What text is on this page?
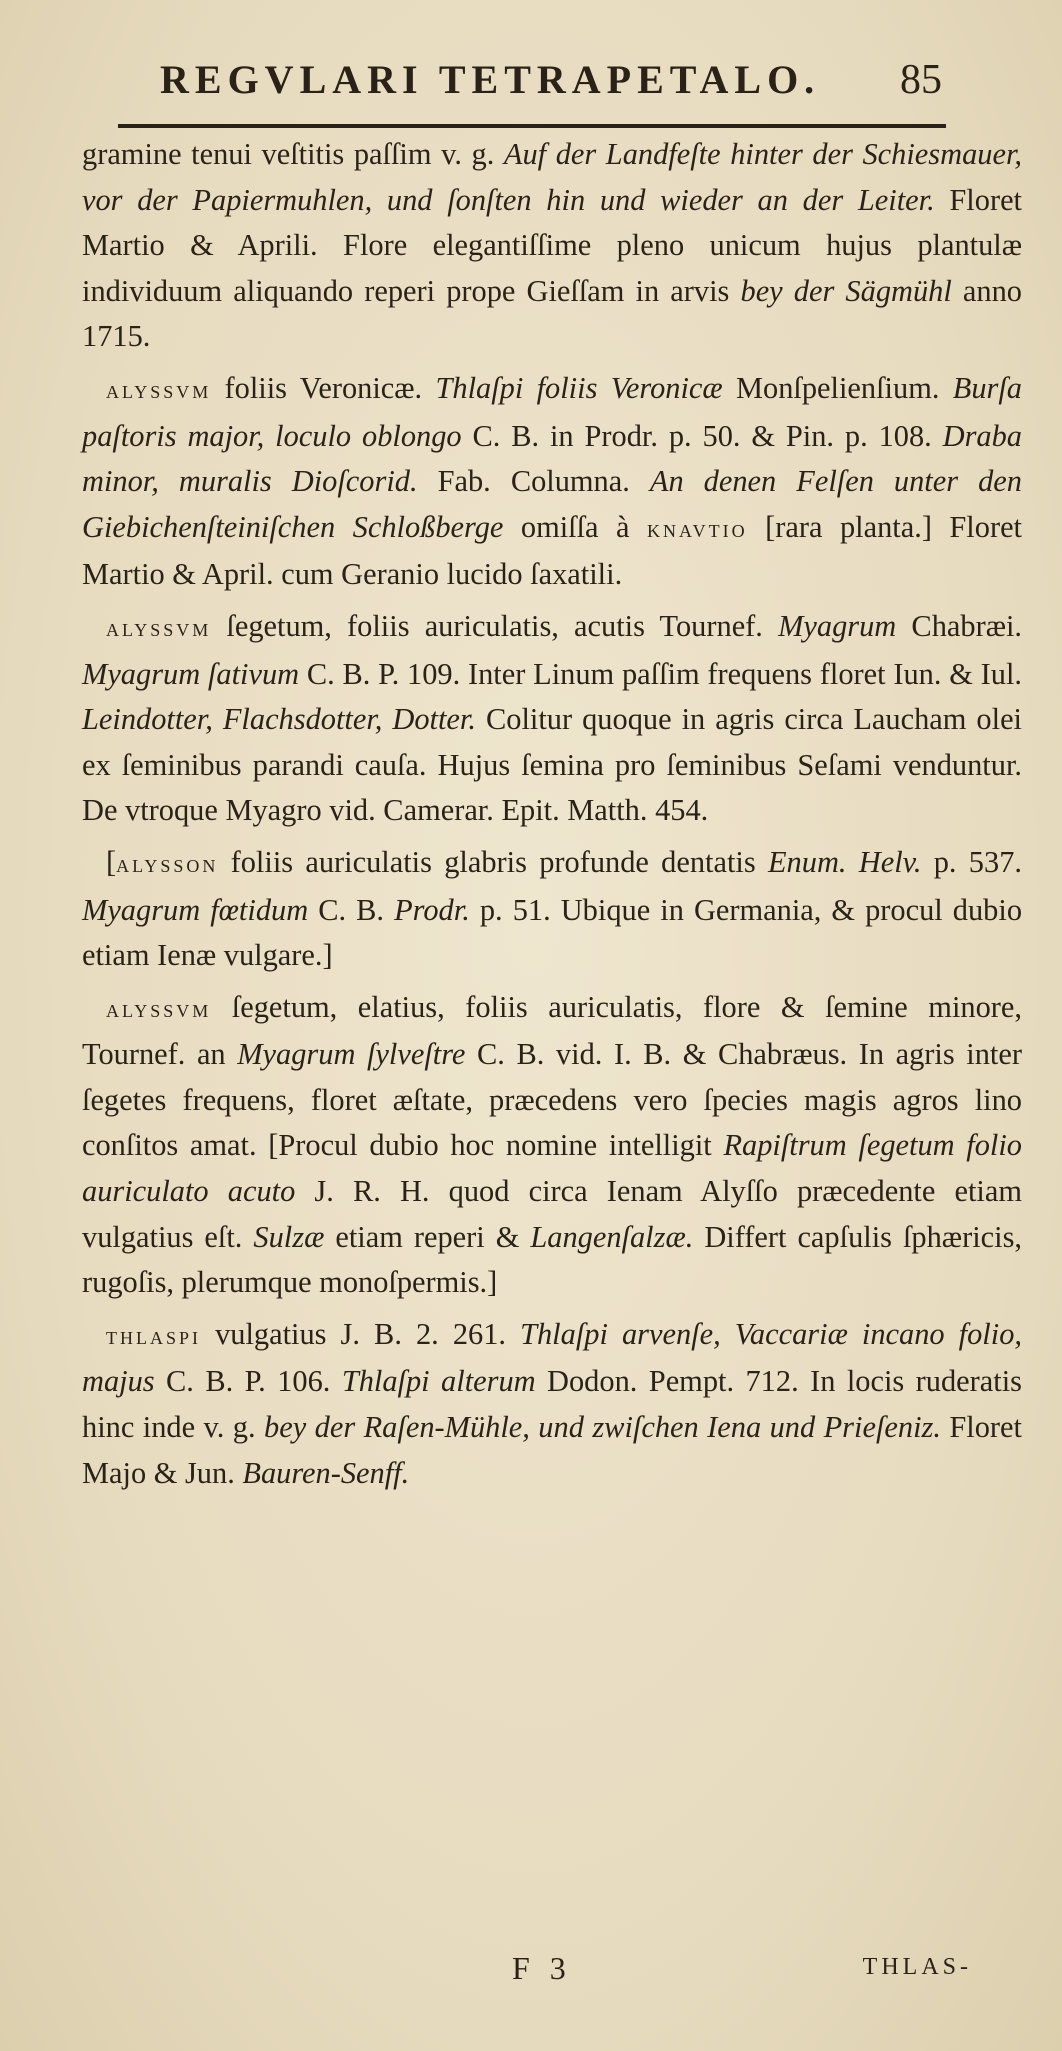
REGVLARI TETRAPETALO. 85

gramine tenui veſtitis paſſim v. g. Auf der Landfeſte hinter der Schiesmauer, vor der Papiermuhlen, und ſonſten hin und wieder an der Leiter. Floret Martio & Aprili. Flore elegantiſſime pleno unicum hujus plantulæ individuum aliquando reperi prope Gieſſam in arvis bey der Sägmühl anno 1715.

alyssvm foliis Veronicæ. Thlaſpi foliis Veronicæ Monſpelienſium. Burſa paſtoris major, loculo oblongo C. B. in Prodr. p. 50. & Pin. p. 108. Draba minor, muralis Dioſcorid. Fab. Columna. An denen Felſen unter den Giebichenſteiniſchen Schloßberge omiſſa à knavtio [rara planta.] Floret Martio & April. cum Geranio lucido ſaxatili.

alyssvm ſegetum, foliis auriculatis, acutis Tournef. Myagrum Chabræi. Myagrum ſativum C. B. P. 109. Inter Linum paſſim frequens floret Iun. & Iul. Leindotter, Flachsdotter, Dotter. Colitur quoque in agris circa Laucham olei ex ſeminibus parandi cauſa. Hujus ſemina pro ſeminibus Seſami venduntur. De vtroque Myagro vid. Camerar. Epit. Matth. 454.

[alysson foliis auriculatis glabris profunde dentatis Enum. Helv. p. 537. Myagrum fœtidum C. B. Prodr. p. 51. Ubique in Germania, & procul dubio etiam Ienæ vulgare.]

alyssvm ſegetum, elatius, foliis auriculatis, flore & ſemine minore, Tournef. an Myagrum ſylveſtre C. B. vid. I. B. & Chabræus. In agris inter ſegetes frequens, floret æſtate, præcedens vero ſpecies magis agros lino conſitos amat. [Procul dubio hoc nomine intelligit Rapiſtrum ſegetum folio auriculato acuto J. R. H. quod circa Ienam Alyſſo præcedente etiam vulgatius eſt. Sulzæ etiam reperi & Langenſalzæ. Differt capſulis ſphæricis, rugoſis, plerumque monoſpermis.]

thlaspi vulgatius J. B. 2. 261. Thlaſpi arvenſe, Vaccariæ incano folio, majus C. B. P. 106. Thlaſpi alterum Dodon. Pempt. 712. In locis ruderatis hinc inde v. g. bey der Raſen-Mühle, und zwiſchen Iena und Prieſeniz. Floret Majo & Jun. Bauren-Senff.

F 3	THLAS-
